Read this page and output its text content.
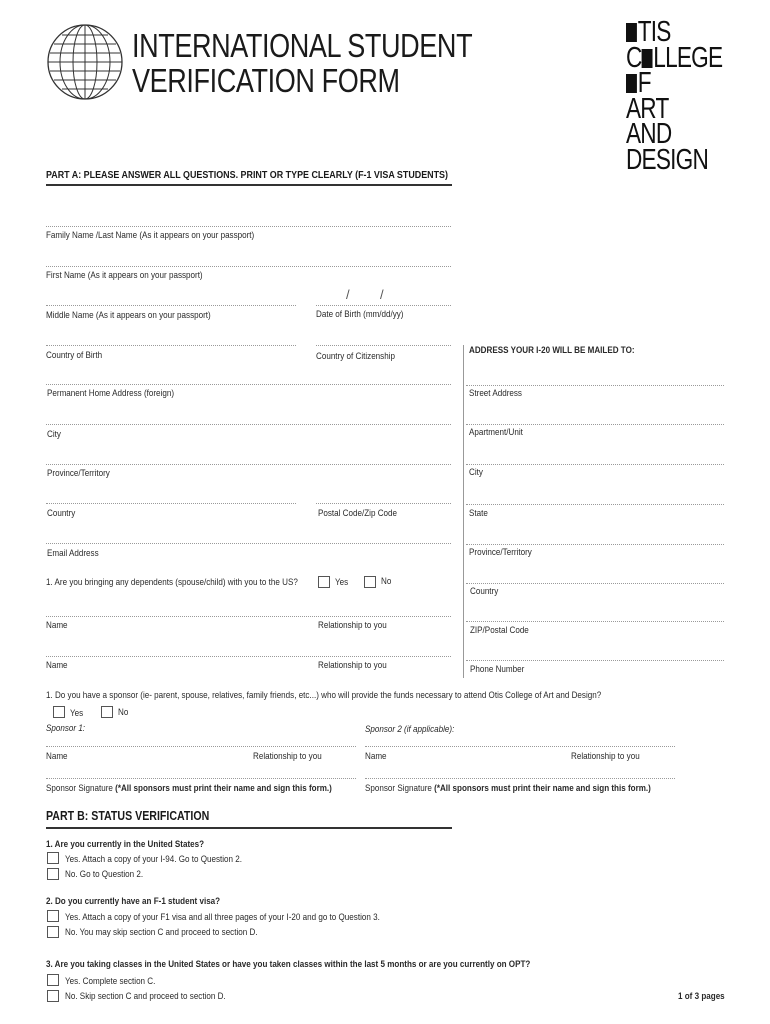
INTERNATIONAL STUDENT
VERIFICATION FORM
TIS
C LLEGE
F
ART
AND
DESIGN
PART A: PLEASE ANSWER ALL QUESTIONS. PRINT OR TYPE CLEARLY (F-1 VISA STUDENTS)
Family Name /Last Name (As it appears on your passport)
First Name (As it appears on your passport)
Middle Name (As it appears on your passport)
/ /
Date of Birth (mm/dd/yy)
Country of Birth	Country of Citizenship
Permanent Home Address (foreign)
City
Province/Territory
Country	Postal Code/Zip Code
Email Address
1. Are you bringing any dependents (spouse/child) with you to the US?	Yes	No
Name	Relationship to you
Name	Relationship to you
ADDRESS YOUR I-20 WILL BE MAILED TO:
Street Address
Apartment/Unit
City
State
Province/Territory
Country
ZIP/Postal Code
Phone Number
1. Do you have a sponsor (ie- parent, spouse, relatives, family friends, etc...) who will provide the funds necessary to attend Otis College of Art and Design?
Yes	No
Sponsor 1:	Sponsor 2 (if applicable):
Name	Relationship to you	Name	Relationship to you
Sponsor Signature (*All sponsors must print their name and sign this form.)	Sponsor Signature (*All sponsors must print their name and sign this form.)
PART B: STATUS VERIFICATION
1. Are you currently in the United States?
Yes. Attach a copy of your I-94. Go to Question 2.
No. Go to Question 2.
2. Do you currently have an F-1 student visa?
Yes. Attach a copy of your F1 visa and all three pages of your I-20 and go to Question 3.
No. You may skip section C and proceed to section D.
3. Are you taking classes in the United States or have you taken classes within the last 5 months or are you currently on OPT?
Yes. Complete section C.
No. Skip section C and proceed to section D.	1 of 3 pages
